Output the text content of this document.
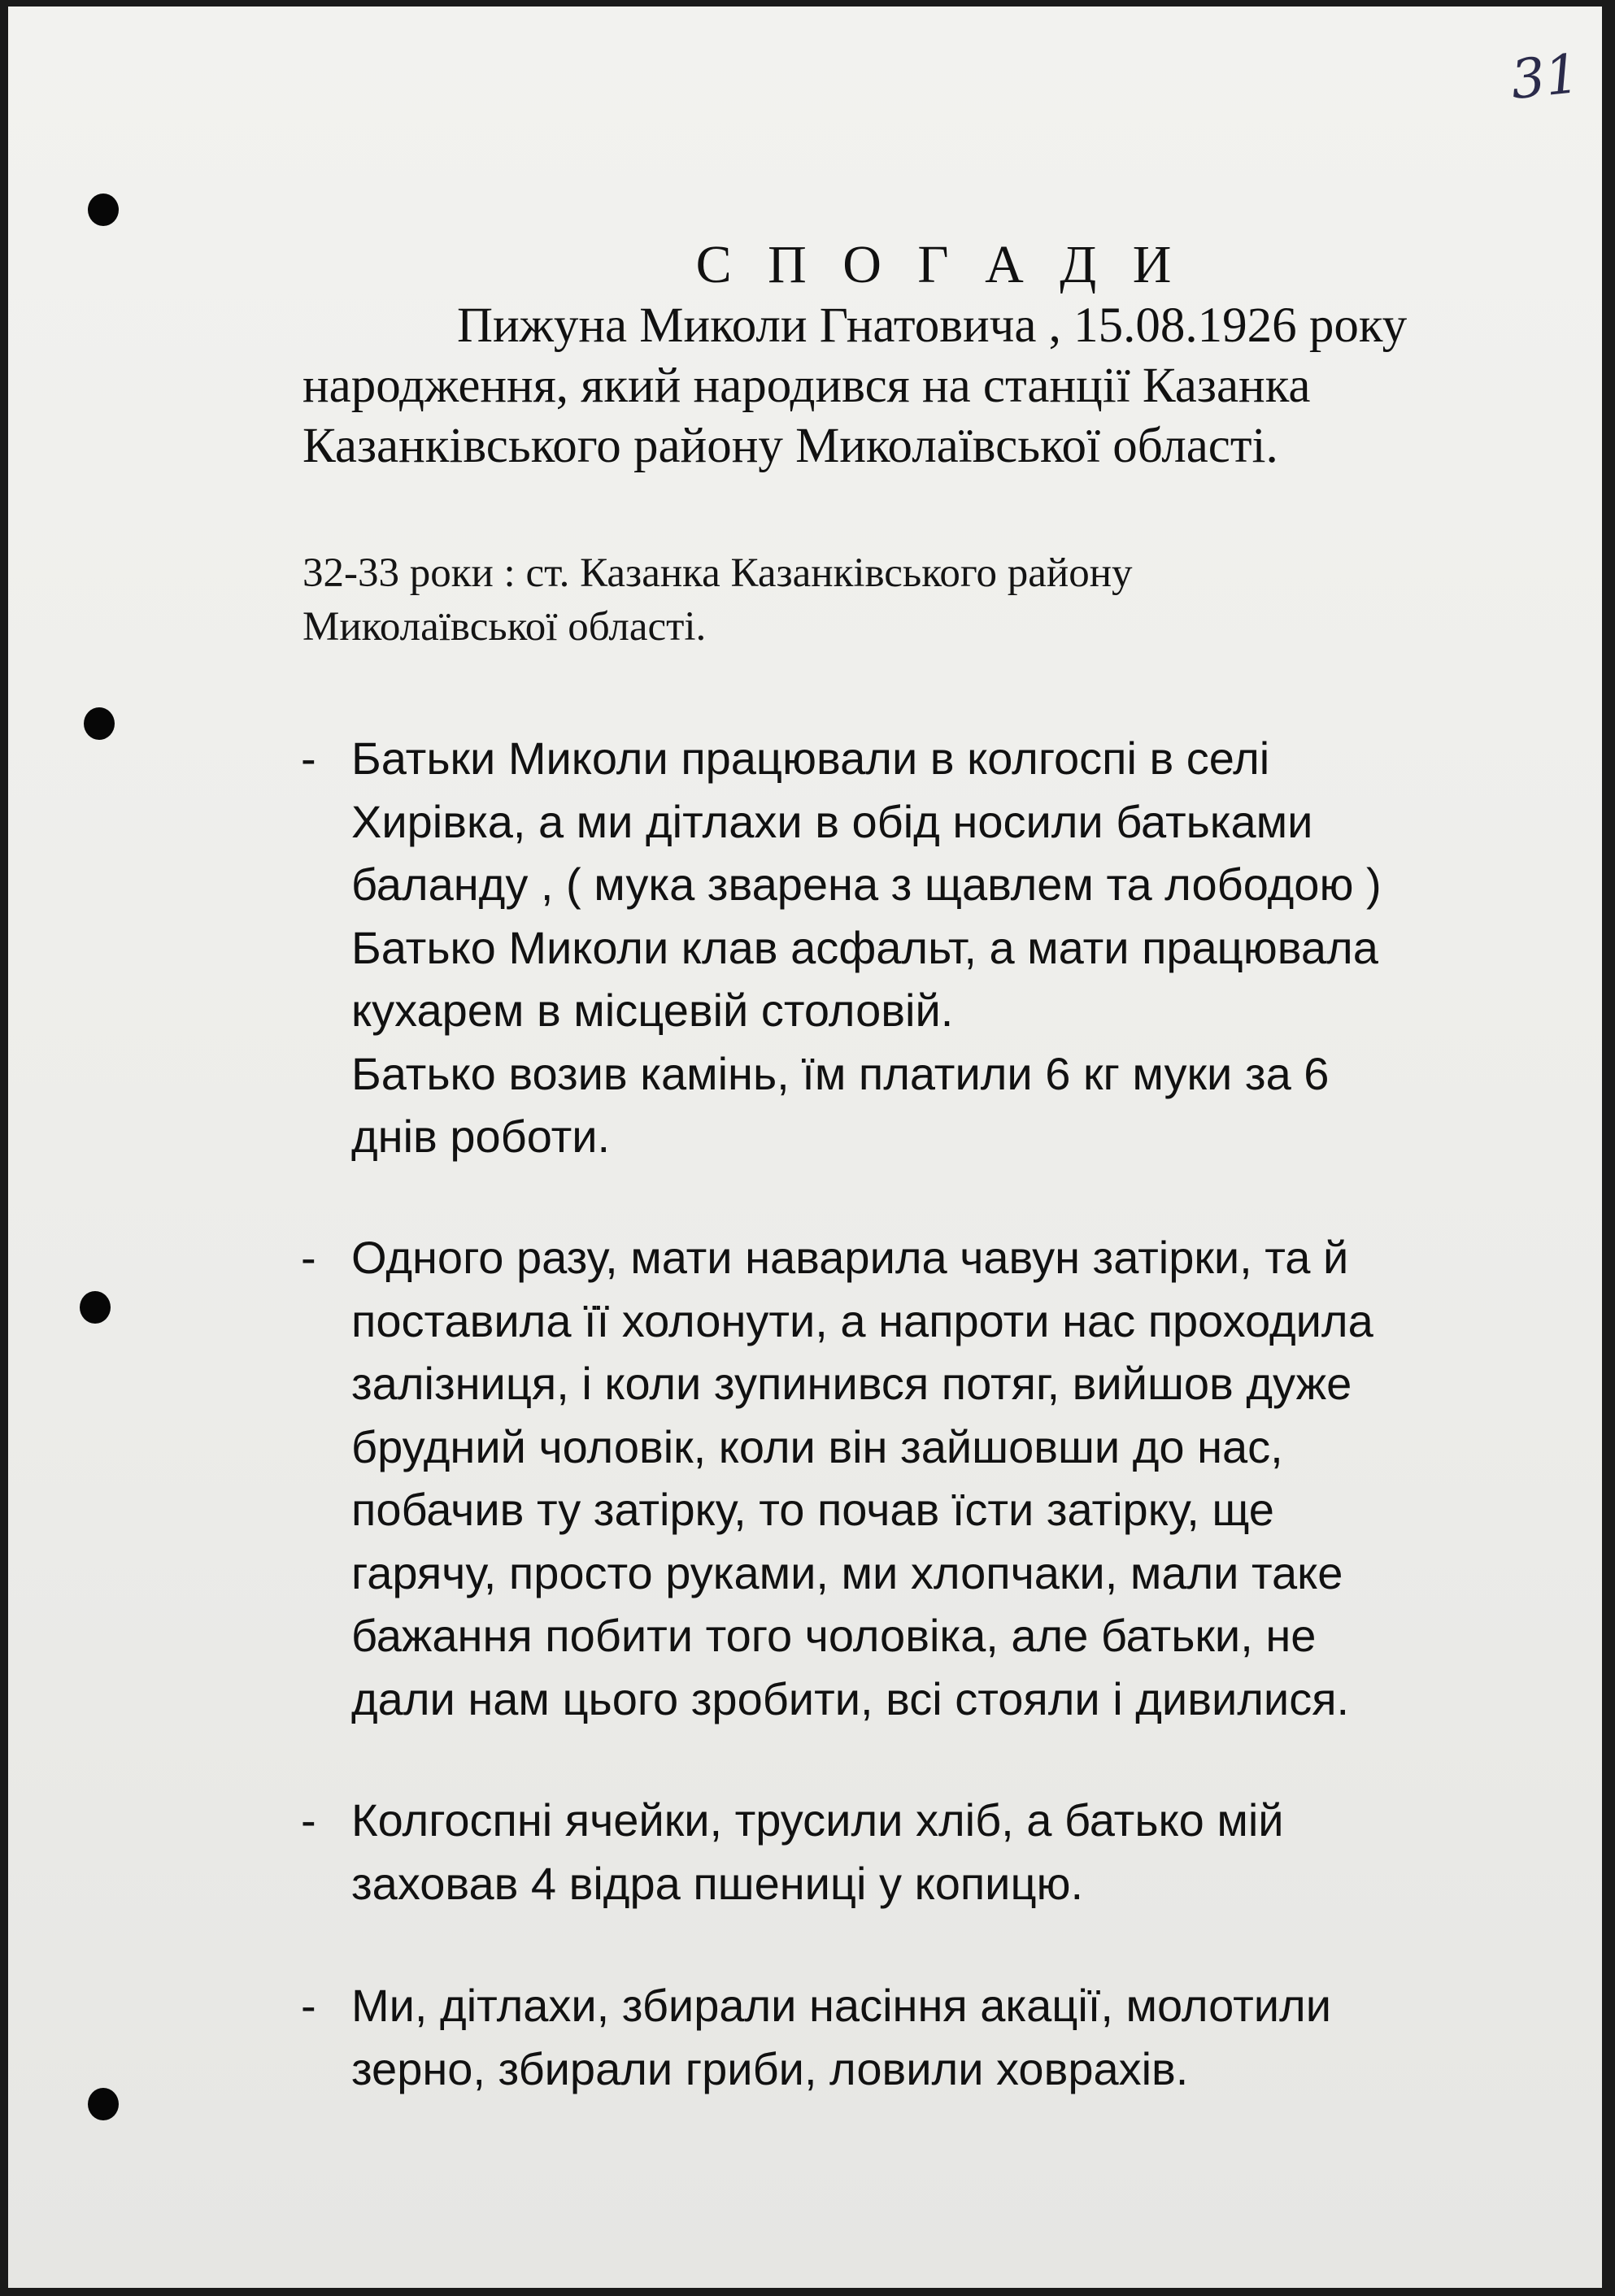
31
С П О Г А Д И
Пижуна Миколи Гнатовича , 15.08.1926 року
народження, який народився на станції Казанка
Казанківського району Миколаївської області.
32-33 роки : ст. Казанка Казанківського району
Миколаївської області.
- Батьки Миколи працювали в колгоспі в селі
Хирівка, а ми дітлахи в обід носили батьками
баланду , ( мука зварена з щавлем та лободою )
Батько Миколи клав асфальт, а мати працювала
кухарем в місцевій столовій.
Батько возив камінь, їм платили 6 кг муки за 6
днів роботи.
- Одного разу, мати наварила чавун затірки, та й
поставила її холонути, а напроти нас проходила
залізниця, і коли зупинився потяг, вийшов дуже
брудний чоловік, коли він зайшовши до нас,
побачив ту затірку, то почав їсти затірку, ще
гарячу, просто руками, ми хлопчаки, мали таке
бажання побити того чоловіка, але батьки, не
дали нам цього зробити, всі стояли і дивилися.
- Колгоспні ячейки, трусили хліб, а батько мій
заховав 4 відра пшениці у копицю.
- Ми, дітлахи, збирали насіння акації, молотили
зерно, збирали гриби, ловили ховрахів.
